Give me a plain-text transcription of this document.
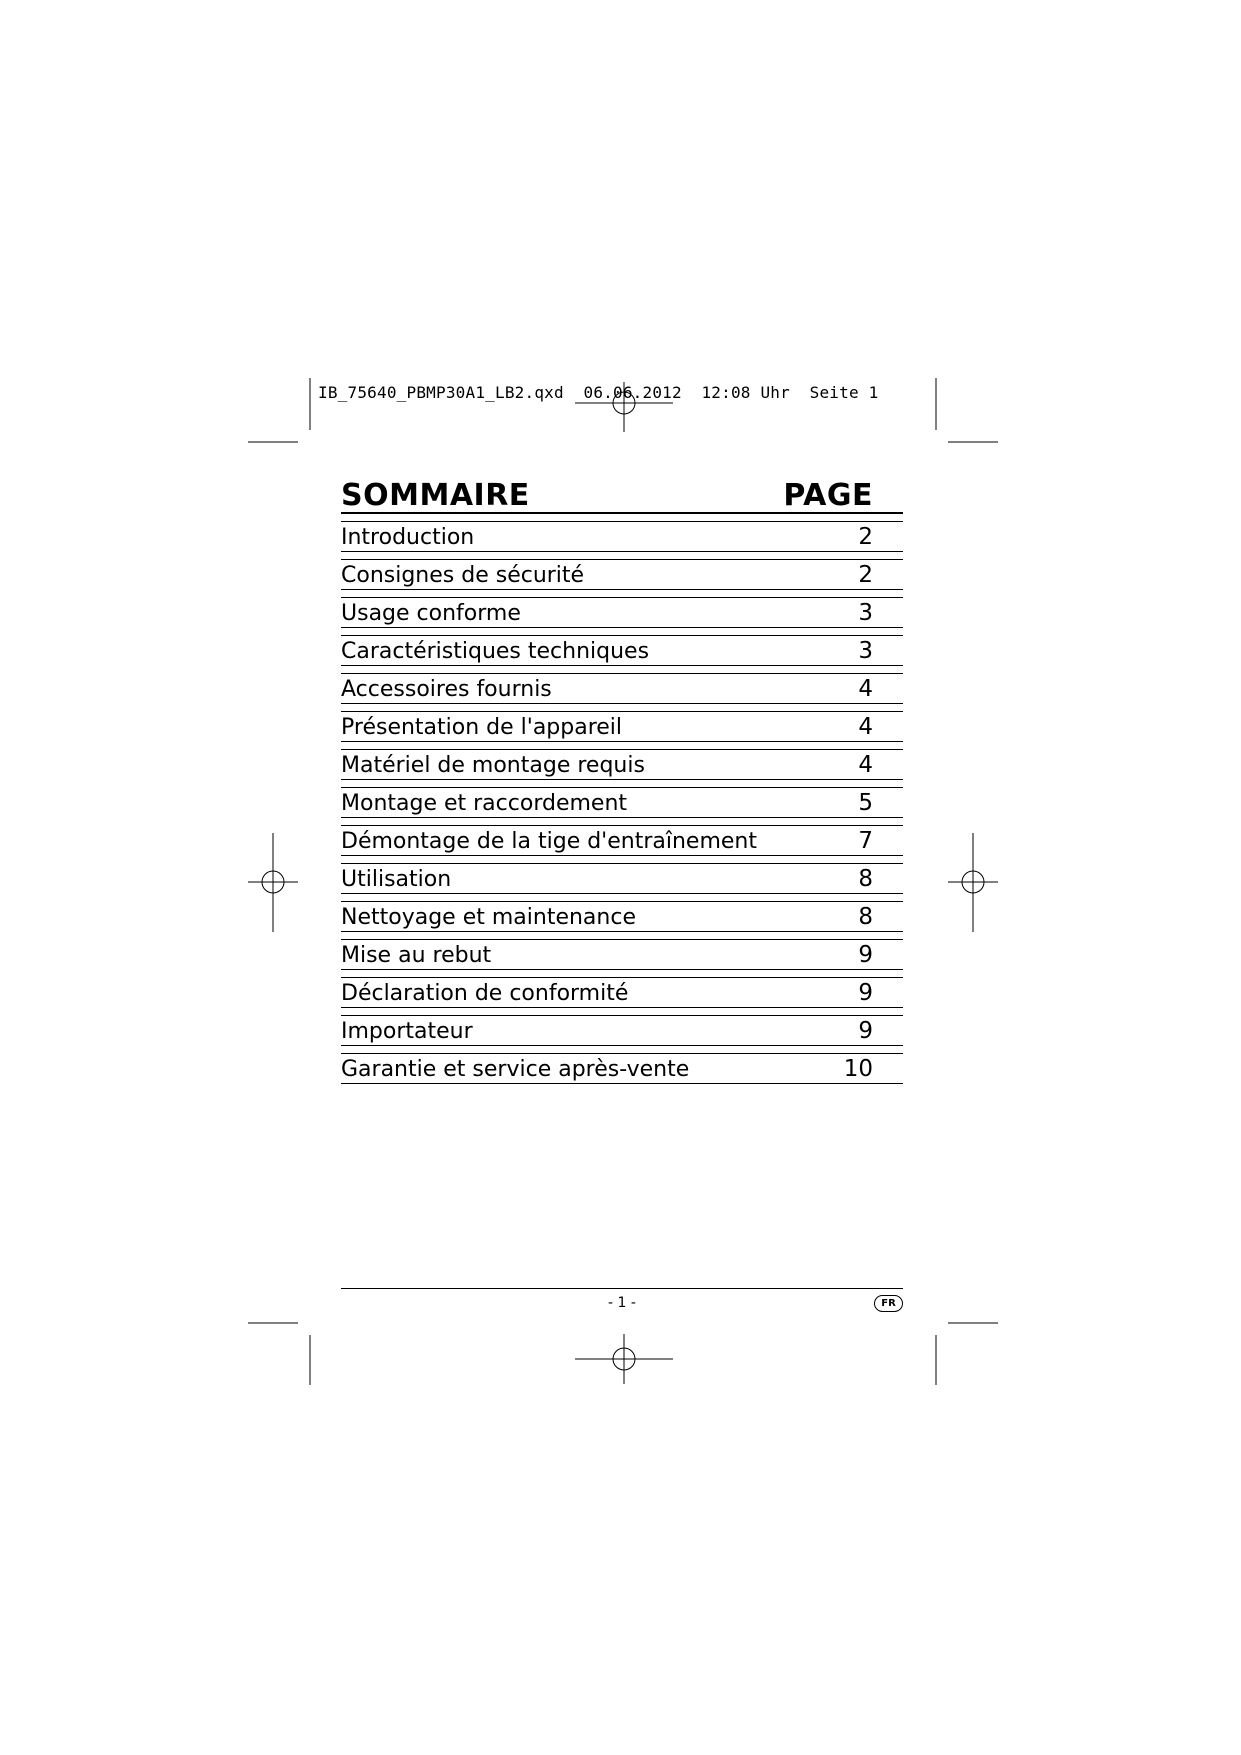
IB_75640_PBMP30A1_LB2.qxd  06.06.2012  12:08 Uhr  Seite 1
SOMMAIRE	PAGE
Introduction	2
Consignes de sécurité	2
Usage conforme	3
Caractéristiques techniques	3
Accessoires fournis	4
Présentation de l'appareil	4
Matériel de montage requis	4
Montage et raccordement	5
Démontage de la tige d'entraînement	7
Utilisation	8
Nettoyage et maintenance	8
Mise au rebut	9
Déclaration de conformité	9
Importateur	9
Garantie et service après-vente	10
- 1 -	FR
